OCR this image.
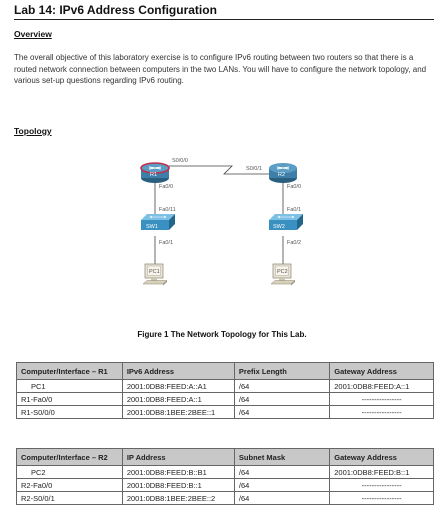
Lab 14: IPv6 Address Configuration
Overview
The overall objective of this laboratory exercise is to configure IPv6 routing between two routers so that there is a routed network connection between computers in the two LANs. You will have to configure the network topology, and various set-up questions regarding IPv6 routing.
Topology
R1	R2
S0/0/0
S0/0/1
Fa0/0	Fa0/0
SW1
Fa0/11
Fa0/1
SW2
Fa0/1
Fa0/2
PC1	PC2
Figure 1 The Network Topology for This Lab.
Computer/Interface – R1	IPv6 Address	Prefix Length	Gateway Address
PC1	2001:0DB8:FEED:A::A1	/64	2001:0DB8:FEED:A::1
R1-Fa0/0	2001:0DB8:FEED:A::1	/64	----------------
R1-S0/0/0	2001:0DB8:1BEE:2BEE::1	/64	----------------
Computer/Interface – R2	IP Address	Subnet Mask	Gateway Address
PC2	2001:0DB8:FEED:B::B1	/64	2001:0DB8:FEED:B::1
R2-Fa0/0	2001:0DB8:FEED:B::1	/64	----------------
R2-S0/0/1	2001:0DB8:1BEE:2BEE::2	/64	----------------
